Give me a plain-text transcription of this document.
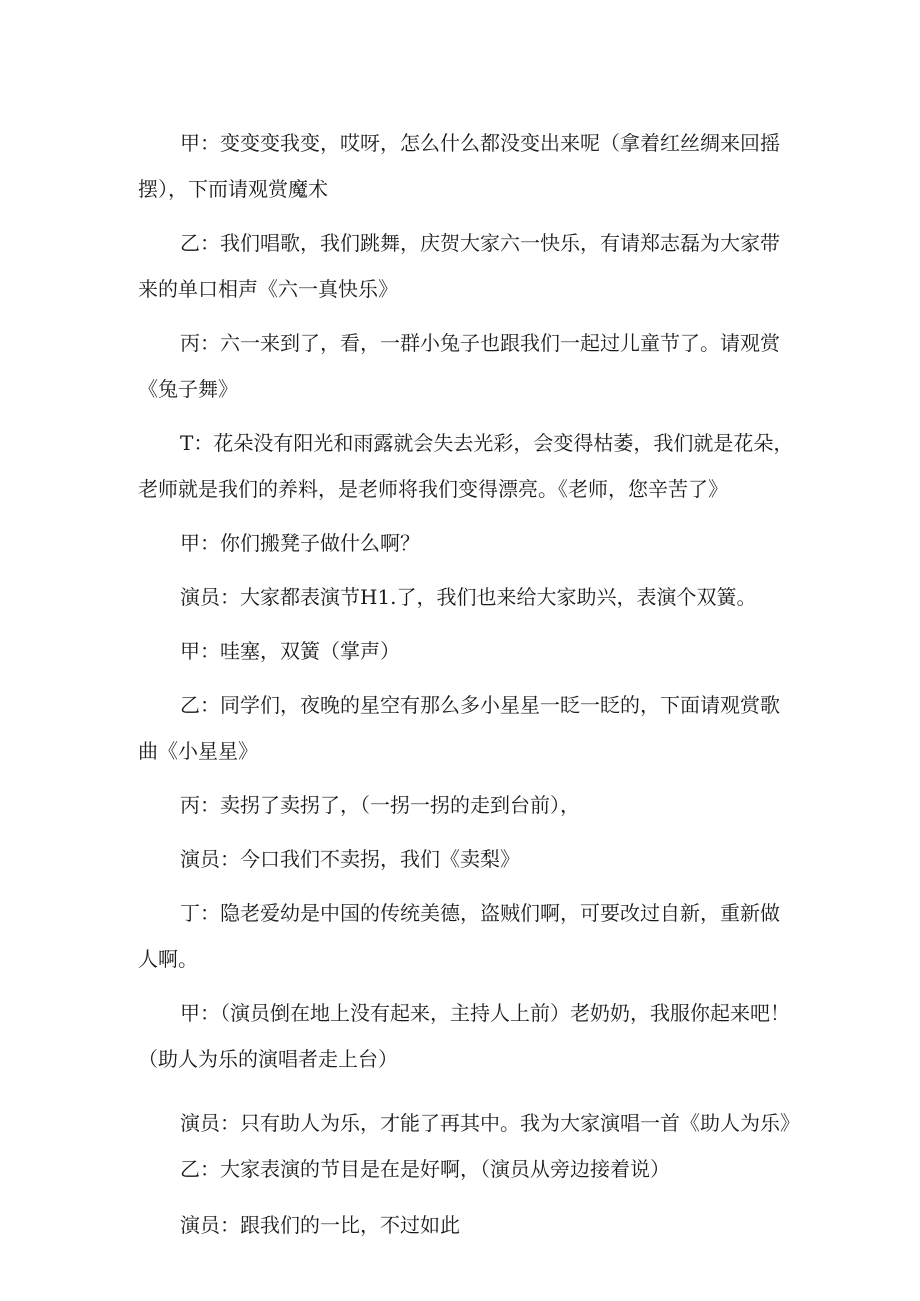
甲：变变变我变，哎呀，怎么什么都没变出来呢（拿着红丝绸来回摇
摆），下而请观赏魔术

乙：我们唱歌，我们跳舞，庆贺大家六一快乐，有请郑志磊为大家带
来的单口相声《六一真快乐》

丙：六一来到了，看，一群小兔子也跟我们一起过儿童节了。请观赏
《兔子舞》

T：花朵没有阳光和雨露就会失去光彩，会变得枯萎，我们就是花朵，
老师就是我们的养料，是老师将我们变得漂亮。《老师，您辛苦了》

甲：你们搬凳子做什么啊？

演员：大家都表演节H1.了，我们也来给大家助兴，表演个双簧。

甲：哇塞，双簧（掌声）

乙：同学们，夜晚的星空有那么多小星星一眨一眨的，下面请观赏歌
曲《小星星》

丙：卖拐了卖拐了，（一拐一拐的走到台前），

演员：今口我们不卖拐，我们《卖梨》

丁：隐老爱幼是中国的传统美德，盗贼们啊，可要改过自新，重新做
人啊。

甲：（演员倒在地上没有起来，主持人上前）老奶奶，我服你起来吧！
（助人为乐的演唱者走上台）

演员：只有助人为乐，才能了再其中。我为大家演唱一首《助人为乐》

乙：大家表演的节目是在是好啊，（演员从旁边接着说）

演员：跟我们的一比，不过如此
